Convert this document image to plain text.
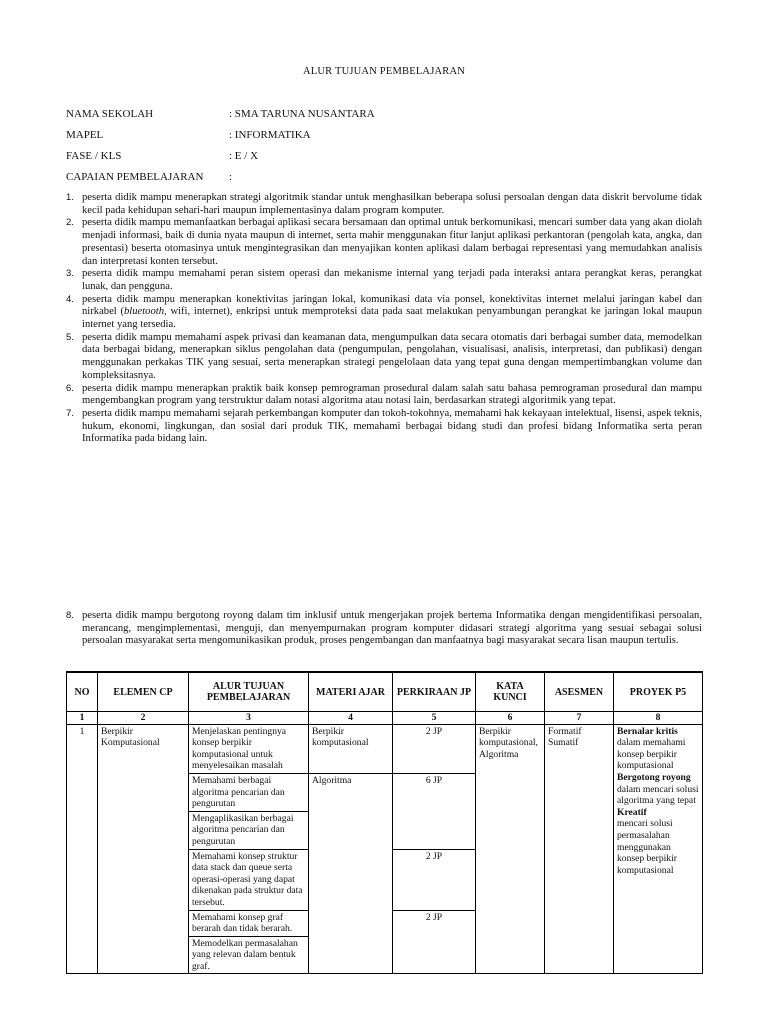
ALUR TUJUAN PEMBELAJARAN
NAMA SEKOLAH	: SMA TARUNA NUSANTARA
MAPEL	: INFORMATIKA
FASE / KLS	: E / X
CAPAIAN PEMBELAJARAN :
1. peserta didik mampu menerapkan strategi algoritmik standar untuk menghasilkan beberapa solusi persoalan dengan data diskrit bervolume tidak kecil pada kehidupan sehari-hari maupun implementasinya dalam program komputer.
2. peserta didik mampu memanfaatkan berbagai aplikasi secara bersamaan dan optimal untuk berkomunikasi, mencari sumber data yang akan diolah menjadi informasi, baik di dunia nyata maupun di internet, serta mahir menggunakan fitur lanjut aplikasi perkantoran (pengolah kata, angka, dan presentasi) beserta otomasinya untuk mengintegrasikan dan menyajikan konten aplikasi dalam berbagai representasi yang memudahkan analisis dan interpretasi konten tersebut.
3. peserta didik mampu memahami peran sistem operasi dan mekanisme internal yang terjadi pada interaksi antara perangkat keras, perangkat lunak, dan pengguna.
4. peserta didik mampu menerapkan konektivitas jaringan lokal, komunikasi data via ponsel, konektivitas internet melalui jaringan kabel dan nirkabel (bluetooth, wifi, internet), enkripsi untuk memproteksi data pada saat melakukan penyambungan perangkat ke jaringan lokal maupun internet yang tersedia.
5. peserta didik mampu memahami aspek privasi dan keamanan data, mengumpulkan data secara otomatis dari berbagai sumber data, memodelkan data berbagai bidang, menerapkan siklus pengolahan data (pengumpulan, pengolahan, visualisasi, analisis, interpretasi, dan publikasi) dengan menggunakan perkakas TIK yang sesuai, serta menerapkan strategi pengelolaan data yang tepat guna dengan mempertimbangkan volume dan kompleksitasnya.
6. peserta didik mampu menerapkan praktik baik konsep pemrograman prosedural dalam salah satu bahasa pemrograman prosedural dan mampu mengembangkan program yang terstruktur dalam notasi algoritma atau notasi lain, berdasarkan strategi algoritmik yang tepat.
7. peserta didik mampu memahami sejarah perkembangan komputer dan tokoh-tokohnya, memahami hak kekayaan intelektual, lisensi, aspek teknis, hukum, ekonomi, lingkungan, dan sosial dari produk TIK, memahami berbagai bidang studi dan profesi bidang Informatika serta peran Informatika pada bidang lain.
8. peserta didik mampu bergotong royong dalam tim inklusif untuk mengerjakan projek bertema Informatika dengan mengidentifikasi persoalan, merancang, mengimplementasi, menguji, dan menyempurnakan program komputer didasari strategi algoritma yang sesuai sebagai solusi persoalan masyarakat serta mengomunikasikan produk, proses pengembangan dan manfaatnya bagi masyarakat secara lisan maupun tertulis.
NO	ELEMEN CP	ALUR TUJUAN PEMBELAJARAN	MATERI AJAR	PERKIRAAN JP	KATA KUNCI	ASESMEN	PROYEK P5
1	2	3	4	5	6	7	8
1	Berpikir Komputasional	Menjelaskan pentingnya konsep berpikir komputasional untuk menyelesaikan masalah	Berpikir komputasional	2 JP	Berpikir komputasional, Algoritma	Formatif Sumatif	Bernalar kritis dalam memahami konsep berpikir komputasional
Bergotong royong dalam mencari solusi algoritma yang tepat
Kreatif
mencari solusi permasalahan menggunakan konsep berpikir komputasional
		Memahami berbagai algoritma pencarian dan pengurutan	Algoritma	6 JP			
		Mengaplikasikan berbagai algoritma pencarian dan pengurutan					
		Memahami konsep struktur data stack dan queue serta operasi-operasi yang dapat dikenakan pada struktur data tersebut.		2 JP			
		Memahami konsep graf berarah dan tidak berarah.		2 JP			
		Memodelkan permasalahan yang relevan dalam bentuk graf.					
